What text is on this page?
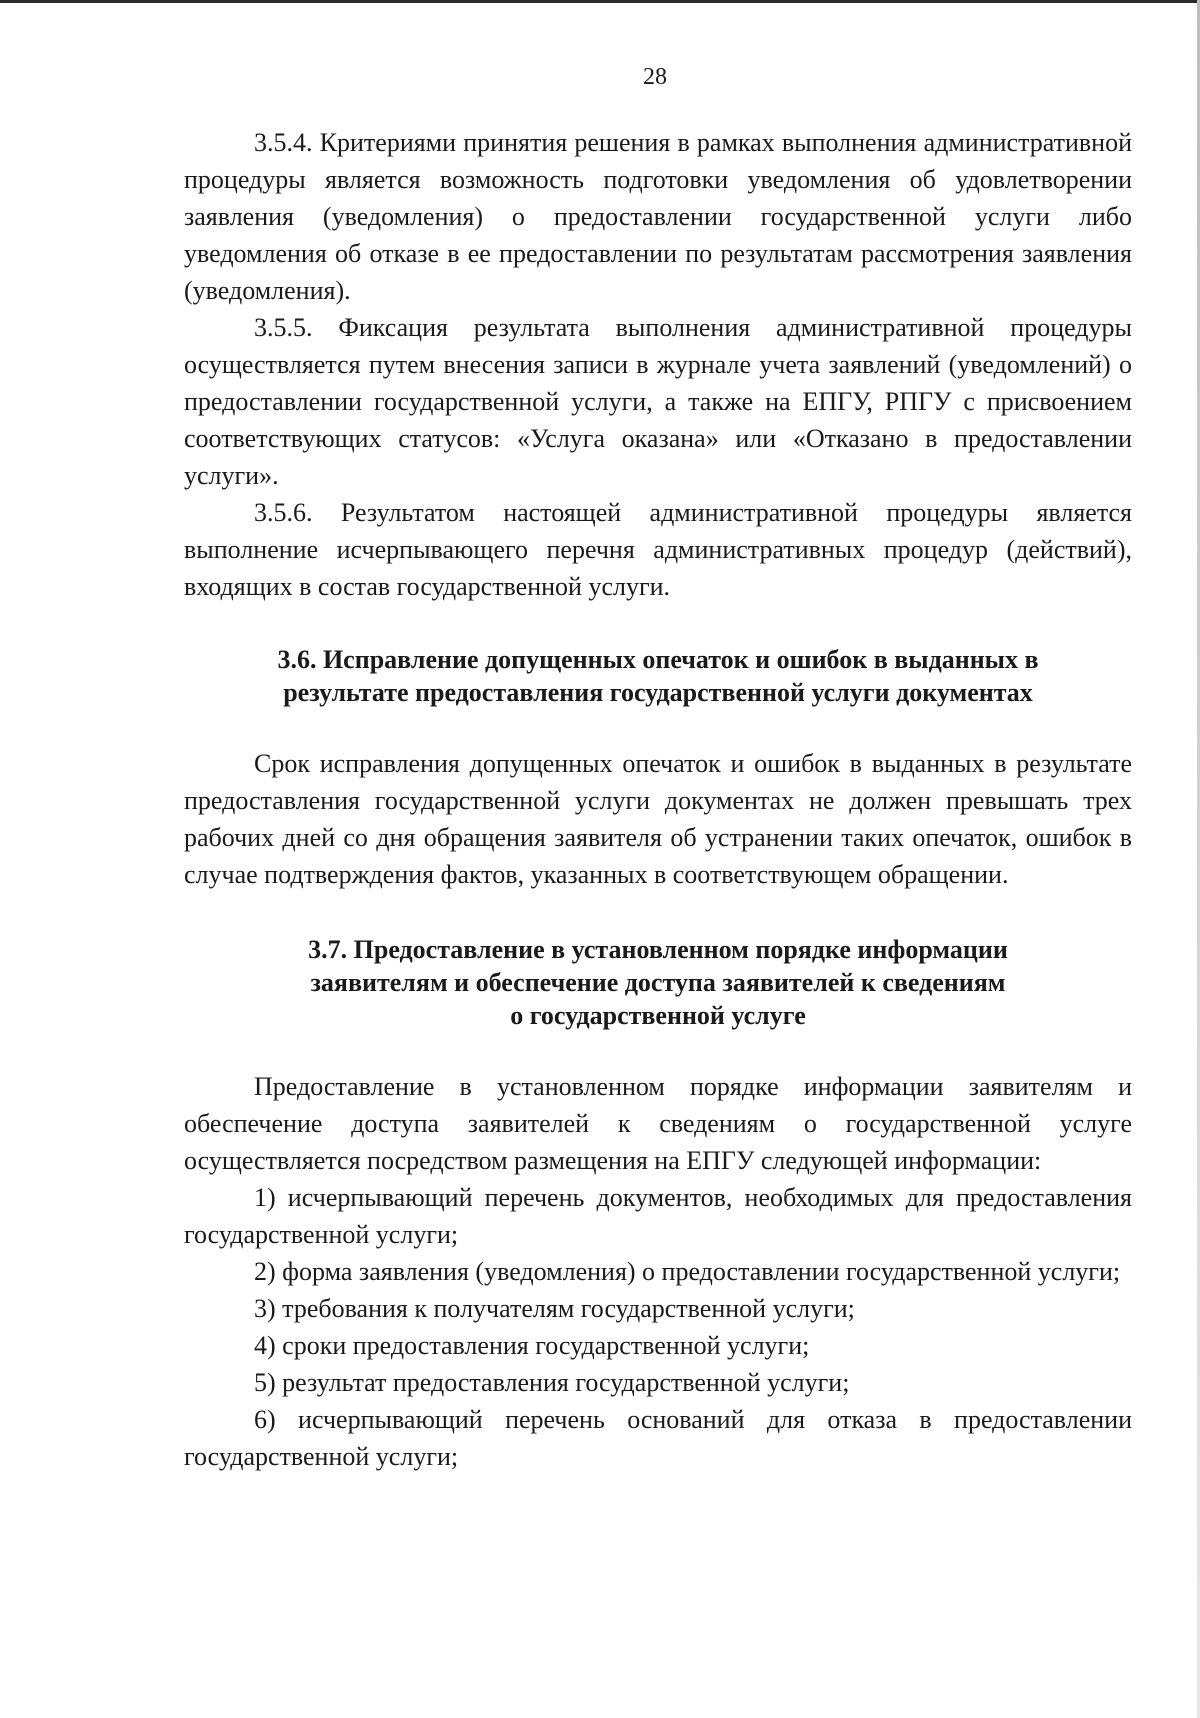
28

3.5.4. Критериями принятия решения в рамках выполнения административной процедуры является возможность подготовки уведомления об удовлетворении заявления (уведомления) о предоставлении государственной услуги либо уведомления об отказе в ее предоставлении по результатам рассмотрения заявления (уведомления).

3.5.5. Фиксация результата выполнения административной процедуры осуществляется путем внесения записи в журнале учета заявлений (уведомлений) о предоставлении государственной услуги, а также на ЕПГУ, РПГУ с присвоением соответствующих статусов: «Услуга оказана» или «Отказано в предоставлении услуги».

3.5.6. Результатом настоящей административной процедуры является выполнение исчерпывающего перечня административных процедур (действий), входящих в состав государственной услуги.

3.6. Исправление допущенных опечаток и ошибок в выданных в
результате предоставления государственной услуги документах

Срок исправления допущенных опечаток и ошибок в выданных в результате предоставления государственной услуги документах не должен превышать трех рабочих дней со дня обращения заявителя об устранении таких опечаток, ошибок в случае подтверждения фактов, указанных в соответствующем обращении.

3.7. Предоставление в установленном порядке информации
заявителям и обеспечение доступа заявителей к сведениям
о государственной услуге

Предоставление в установленном порядке информации заявителям и обеспечение доступа заявителей к сведениям о государственной услуге осуществляется посредством размещения на ЕПГУ следующей информации:

1) исчерпывающий перечень документов, необходимых для предоставления государственной услуги;

2) форма заявления (уведомления) о предоставлении государственной услуги;

3) требования к получателям государственной услуги;

4) сроки предоставления государственной услуги;

5) результат предоставления государственной услуги;

6) исчерпывающий перечень оснований для отказа в предоставлении государственной услуги;
